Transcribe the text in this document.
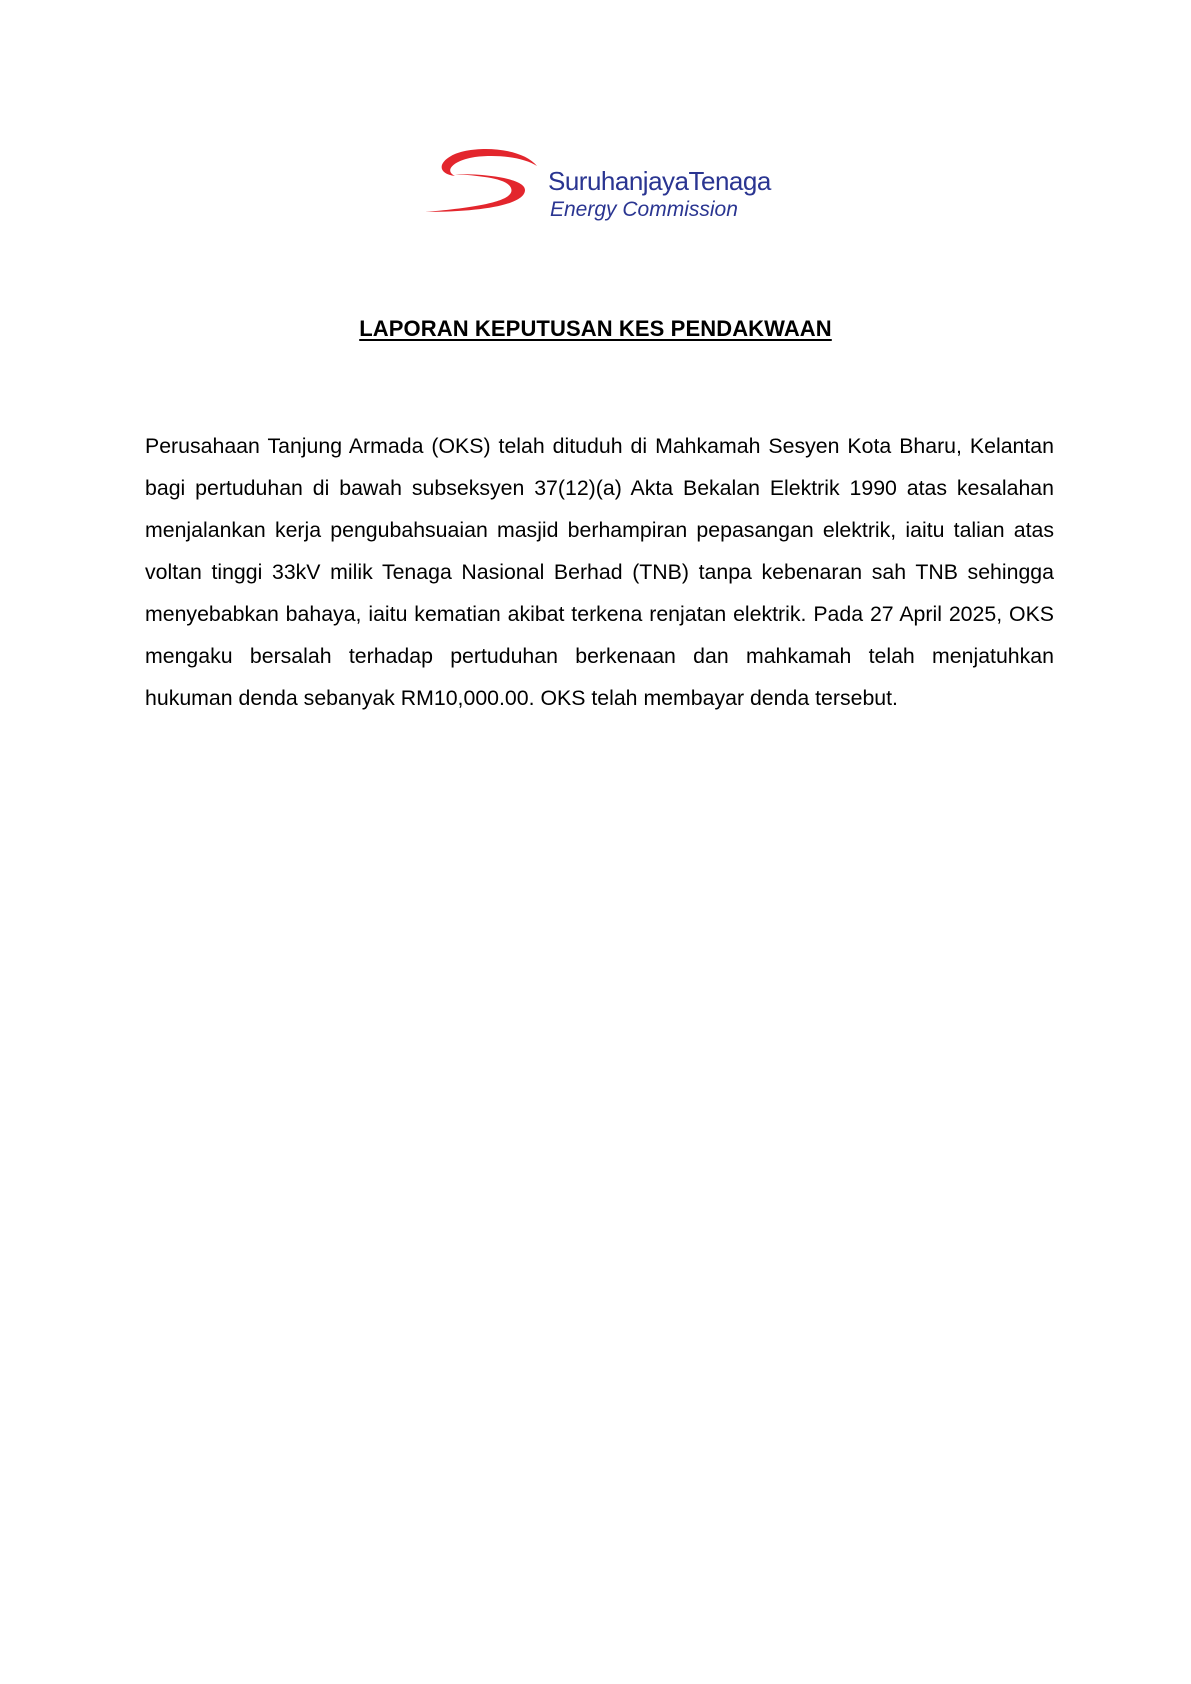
SuruhanjayaTenaga
Energy Commission
LAPORAN KEPUTUSAN KES PENDAKWAAN

Perusahaan Tanjung Armada (OKS) telah dituduh di Mahkamah Sesyen Kota Bharu, Kelantan bagi pertuduhan di bawah subseksyen 37(12)(a) Akta Bekalan Elektrik 1990 atas kesalahan menjalankan kerja pengubahsuaian masjid berhampiran pepasangan elektrik, iaitu talian atas voltan tinggi 33kV milik Tenaga Nasional Berhad (TNB) tanpa kebenaran sah TNB sehingga menyebabkan bahaya, iaitu kematian akibat terkena renjatan elektrik. Pada 27 April 2025, OKS mengaku bersalah terhadap pertuduhan berkenaan dan mahkamah telah menjatuhkan hukuman denda sebanyak RM10,000.00. OKS telah membayar denda tersebut.
